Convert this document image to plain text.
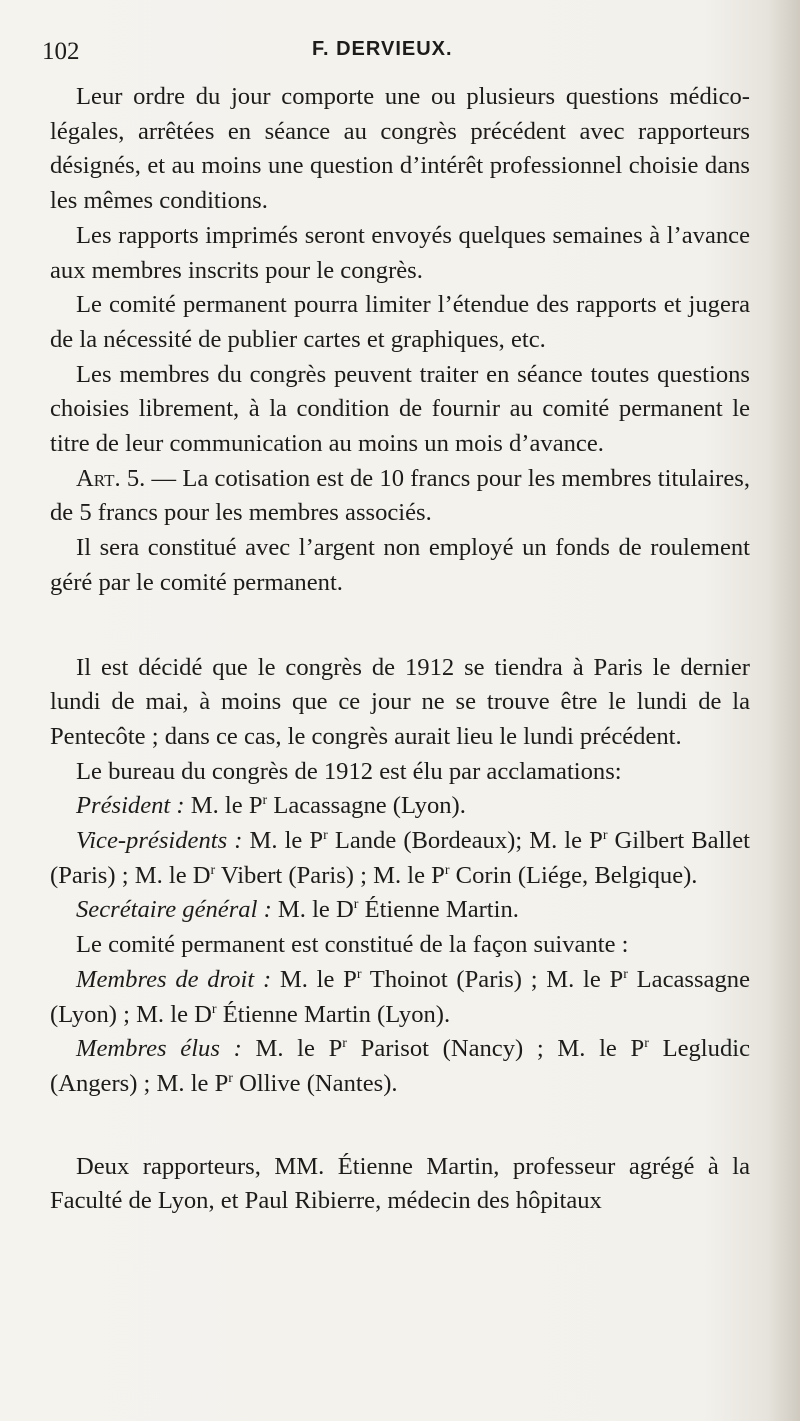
102	F. DERVIEUX.

Leur ordre du jour comporte une ou plusieurs questions médico-légales, arrêtées en séance au congrès précédent avec rapporteurs désignés, et au moins une question d’intérêt professionnel choisie dans les mêmes conditions.

Les rapports imprimés seront envoyés quelques semaines à l’avance aux membres inscrits pour le congrès.

Le comité permanent pourra limiter l’étendue des rapports et jugera de la nécessité de publier cartes et graphiques, etc.

Les membres du congrès peuvent traiter en séance toutes questions choisies librement, à la condition de fournir au comité permanent le titre de leur communication au moins un mois d’avance.

Art. 5. — La cotisation est de 10 francs pour les membres titulaires, de 5 francs pour les membres associés.

Il sera constitué avec l’argent non employé un fonds de roulement géré par le comité permanent.

Il est décidé que le congrès de 1912 se tiendra à Paris le dernier lundi de mai, à moins que ce jour ne se trouve être le lundi de la Pentecôte ; dans ce cas, le congrès aurait lieu le lundi précédent.

Le bureau du congrès de 1912 est élu par acclamations:

Président : M. le $P^r$ Lacassagne (Lyon).

Vice-présidents : M. le $P^r$ Lande (Bordeaux); M. le $P^r$ Gilbert Ballet (Paris) ; M. le $D^r$ Vibert (Paris) ; M. le $P^r$ Corin (Liége, Belgique).

Secrétaire général : M. le $D^r$ Étienne Martin.

Le comité permanent est constitué de la façon suivante :

Membres de droit : M. le $P^r$ Thoinot (Paris) ; M. le $P^r$ Lacassagne (Lyon) ; M. le $D^r$ Étienne Martin (Lyon).

Membres élus : M. le $P^r$ Parisot (Nancy) ; M. le $P^r$ Legludic (Angers) ; M. le $P^r$ Ollive (Nantes).

Deux rapporteurs, MM. Étienne Martin, professeur agrégé à la Faculté de Lyon, et Paul Ribierre, médecin des hôpitaux
